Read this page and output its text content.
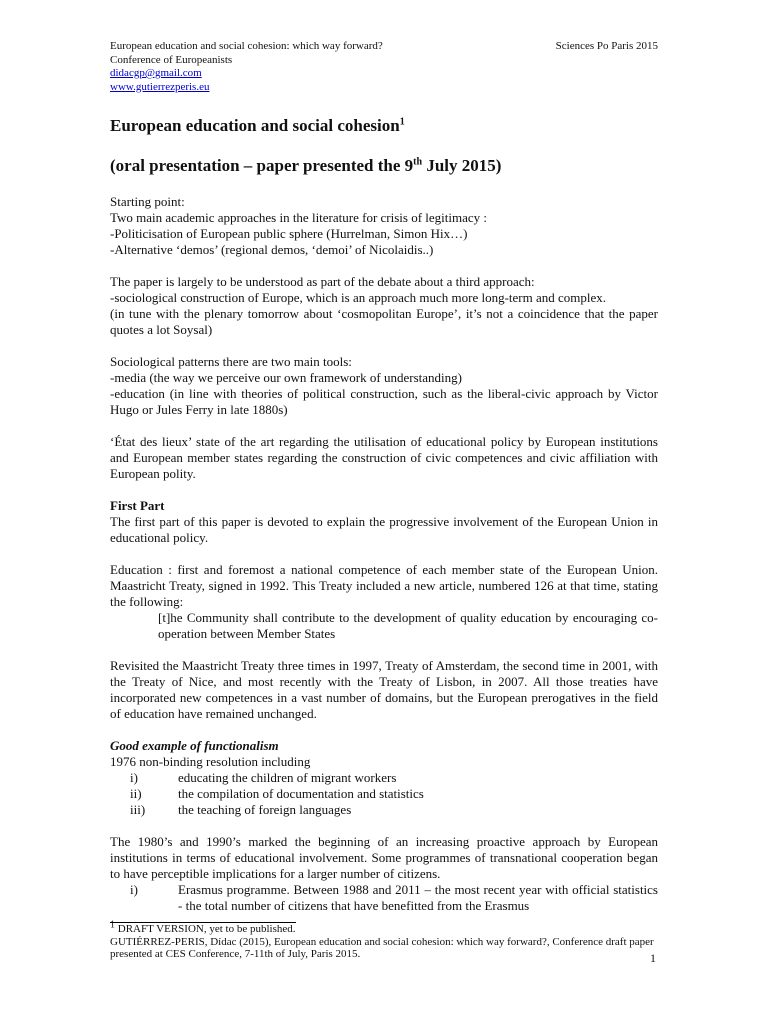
European education and social cohesion: which way forward?	Sciences Po Paris 2015
Conference of Europeanists
didacgp@gmail.com
www.gutierrezperis.eu
European education and social cohesion$^1$
(oral presentation – paper presented the 9th July 2015)

Starting point:

Two main academic approaches in the literature for crisis of legitimacy :

-Politicisation of European public sphere (Hurrelman, Simon Hix…)

-Alternative ‘demos’ (regional demos, ‘demoi’ of Nicolaidis..)

The paper is largely to be understood as part of the debate about a third approach:

-sociological construction of Europe, which is an approach much more long-term and complex.

(in tune with the plenary tomorrow about ‘cosmopolitan Europe’, it’s not a coincidence that the paper quotes a lot Soysal)

Sociological patterns there are two main tools:

-media (the way we perceive our own framework of understanding)

-education (in line with theories of political construction, such as the liberal-civic approach by Victor Hugo or Jules Ferry in late 1880s)

‘État des lieux’ state of the art regarding the utilisation of educational policy by European institutions and European member states regarding the construction of civic competences and civic affiliation with European polity.

First Part

The first part of this paper is devoted to explain the progressive involvement of the European Union in educational policy.

Education : first and foremost a national competence of each member state of the European Union. Maastricht Treaty, signed in 1992. This Treaty included a new article, numbered 126 at that time, stating the following:

[t]he Community shall contribute to the development of quality education by encouraging co-operation between Member States

Revisited the Maastricht Treaty three times in 1997, Treaty of Amsterdam, the second time in 2001, with the Treaty of Nice, and most recently with the Treaty of Lisbon, in 2007. All those treaties have incorporated new competences in a vast number of domains, but the European prerogatives in the field of education have remained unchanged.

Good example of functionalism

1976 non-binding resolution including

i)	educating the children of migrant workers
ii)	the compilation of documentation and statistics
iii)	the teaching of foreign languages

The 1980’s and 1990’s marked the beginning of an increasing proactive approach by European institutions in terms of educational involvement. Some programmes of transnational cooperation began to have perceptible implications for a larger number of citizens.

i)	Erasmus programme. Between 1988 and 2011 – the most recent year with official statistics - the total number of citizens that have benefitted from the Erasmus

$^1$ DRAFT VERSION, yet to be published.

GUTIÉRREZ-PERIS, Dídac (2015), European education and social cohesion: which way forward?, Conference draft paper presented at CES Conference, 7-11th of July, Paris 2015.	1
